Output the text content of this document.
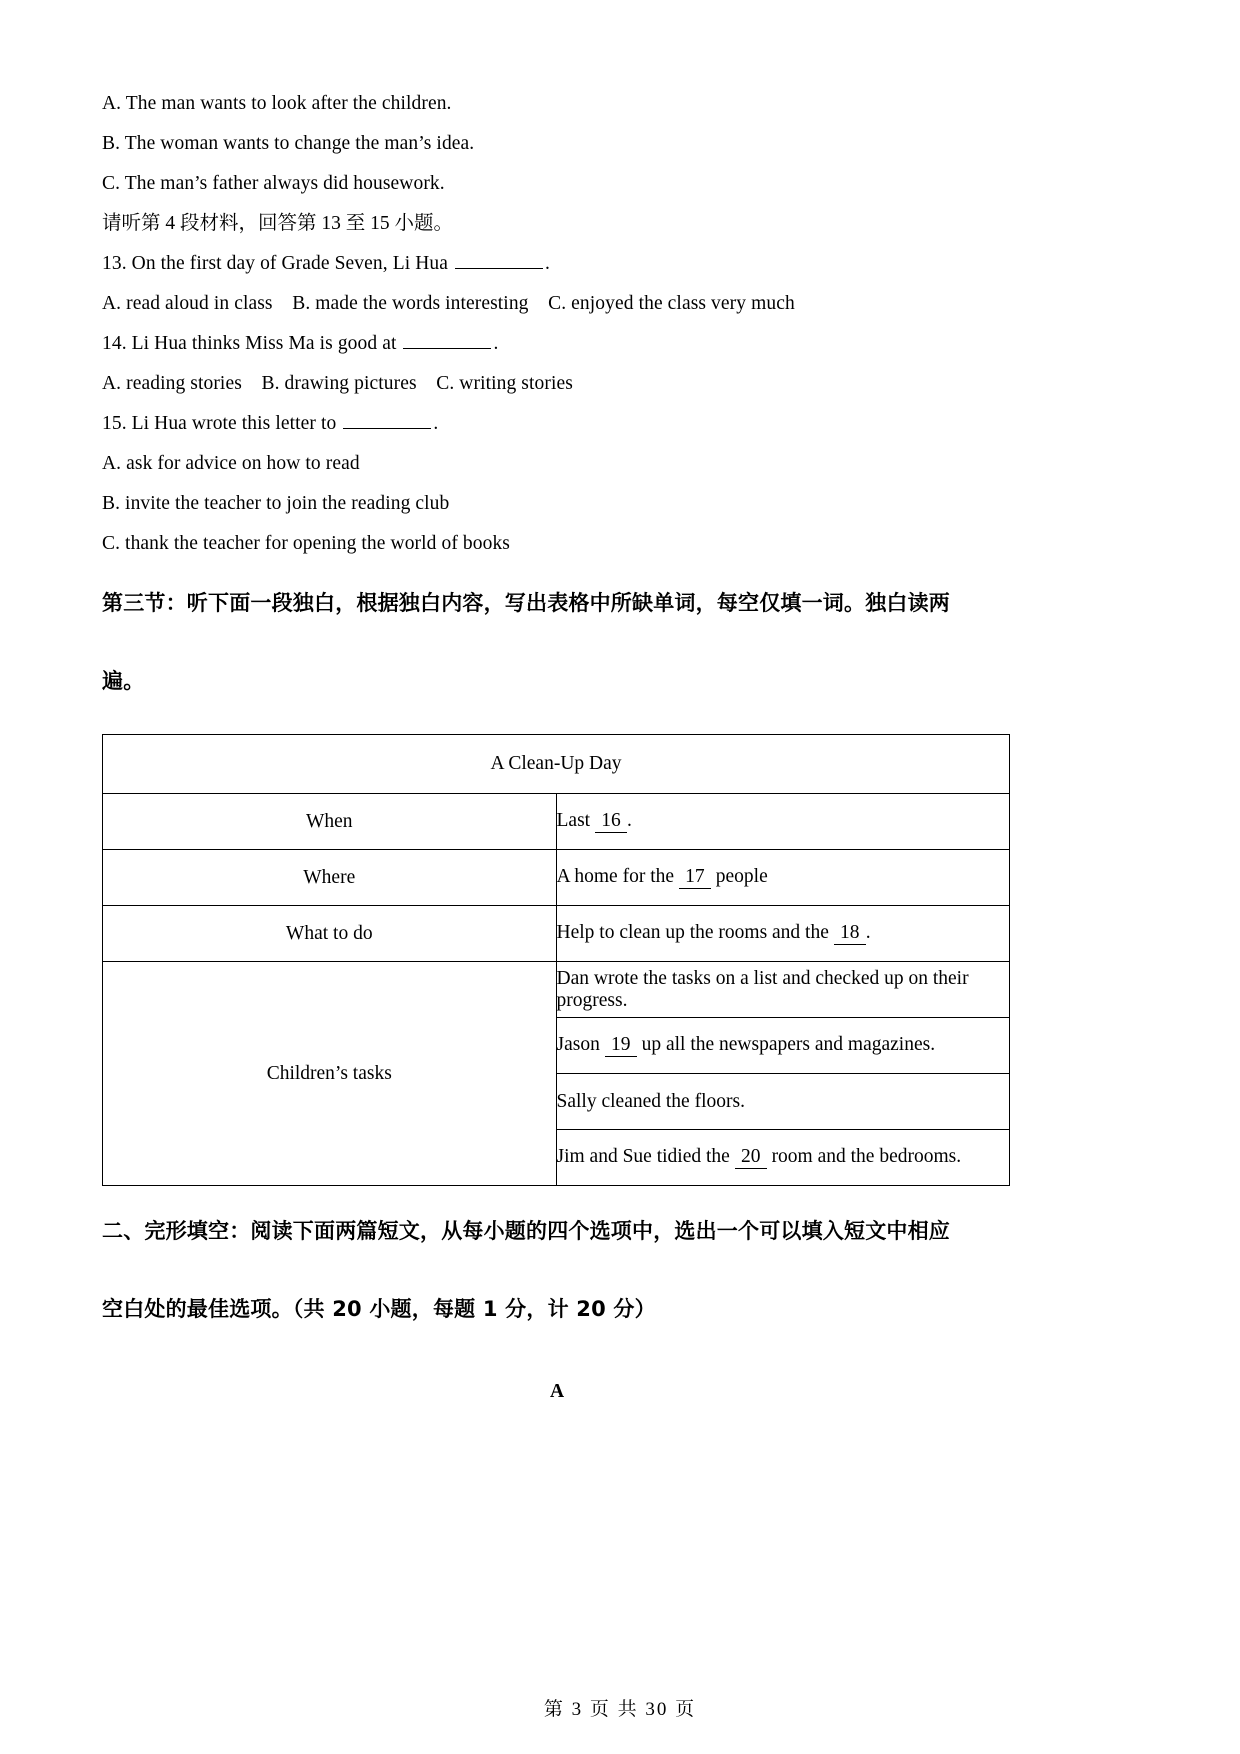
A. The man wants to look after the children.

B. The woman wants to change the man’s idea.

C. The man’s father always did housework.

请听第 4 段材料，回答第 13 至 15 小题。

13. On the first day of Grade Seven, Li Hua	.

A. read aloud in class B. made the words interesting C. enjoyed the class very much

14. Li Hua thinks Miss Ma is good at	.

A. reading stories B. drawing pictures C. writing stories

15. Li Hua wrote this letter to	.

A. ask for advice on how to read

B. invite the teacher to join the reading club

C. thank the teacher for opening the world of books

第三节：听下面一段独白，根据独白内容，写出表格中所缺单词，每空仅填一词。独白读两

遍。

A Clean-Up Day	
When	Last 16 .
Where	A home for the 17 people
What to do	Help to clean up the rooms and the 18 .
Children’s tasks	Dan wrote the tasks on a list and checked up on their progress.
	Jason 19 up all the newspapers and magazines.
	Sally cleaned the floors.
	Jim and Sue tidied the 20 room and the bedrooms.

二、完形填空：阅读下面两篇短文，从每小题的四个选项中，选出一个可以填入短文中相应

空白处的最佳选项。（共 20 小题，每题 1 分，计 20 分）

A

第 3 页 共 30 页
